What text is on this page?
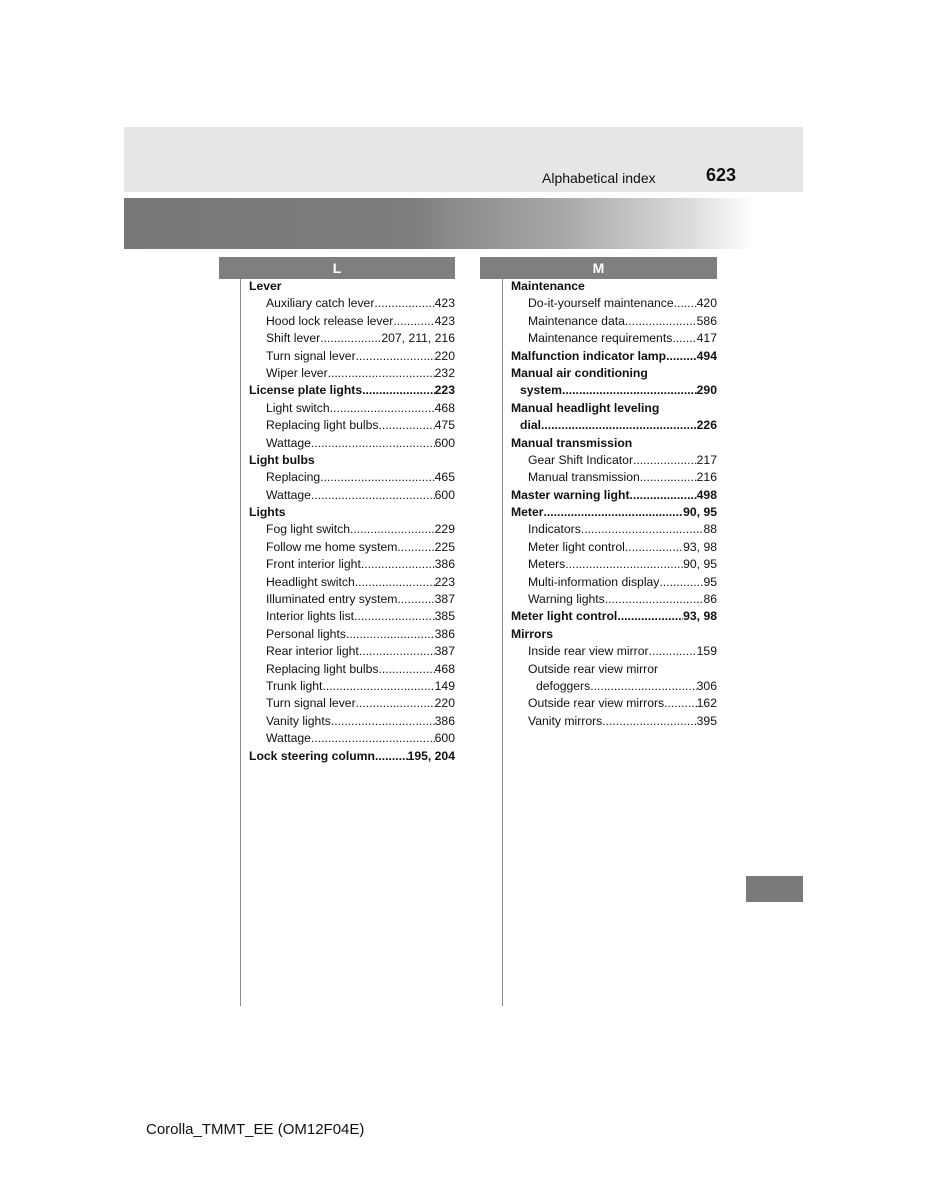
Alphabetical index	623
L	M
Lever
Auxiliary catch lever .....	423
Hood lock release lever .....	423
Shift lever .....	207, 211, 216
Turn signal lever .....	220
Wiper lever .....	232
License plate lights .....	223
Light switch .....	468
Replacing light bulbs .....	475
Wattage .....	600
Light bulbs
Replacing .....	465
Wattage .....	600
Lights
Fog light switch .....	229
Follow me home system .....	225
Front interior light .....	386
Headlight switch .....	223
Illuminated entry system .....	387
Interior lights list .....	385
Personal lights .....	386
Rear interior light .....	387
Replacing light bulbs .....	468
Trunk light .....	149
Turn signal lever .....	220
Vanity lights .....	386
Wattage .....	600
Lock steering column .....	195, 204
Maintenance
Do-it-yourself maintenance ..... 420
Maintenance data .....	586
Maintenance requirements ..... 417
Malfunction indicator lamp .....	494
Manual air conditioning
system .....	290
Manual headlight leveling
dial .....	226
Manual transmission
Gear Shift Indicator .....	217
Manual transmission .....	216
Master warning light .....	498
Meter .....	90, 95
Indicators .....	88
Meter light control .....	93, 98
Meters .....	90, 95
Multi-information display .....	95
Warning lights .....	86
Meter light control .....	93, 98
Mirrors
Inside rear view mirror .....	159
Outside rear view mirror
defoggers .....	306
Outside rear view mirrors .....	162
Vanity mirrors .....	395
Corolla_TMMT_EE (OM12F04E)
